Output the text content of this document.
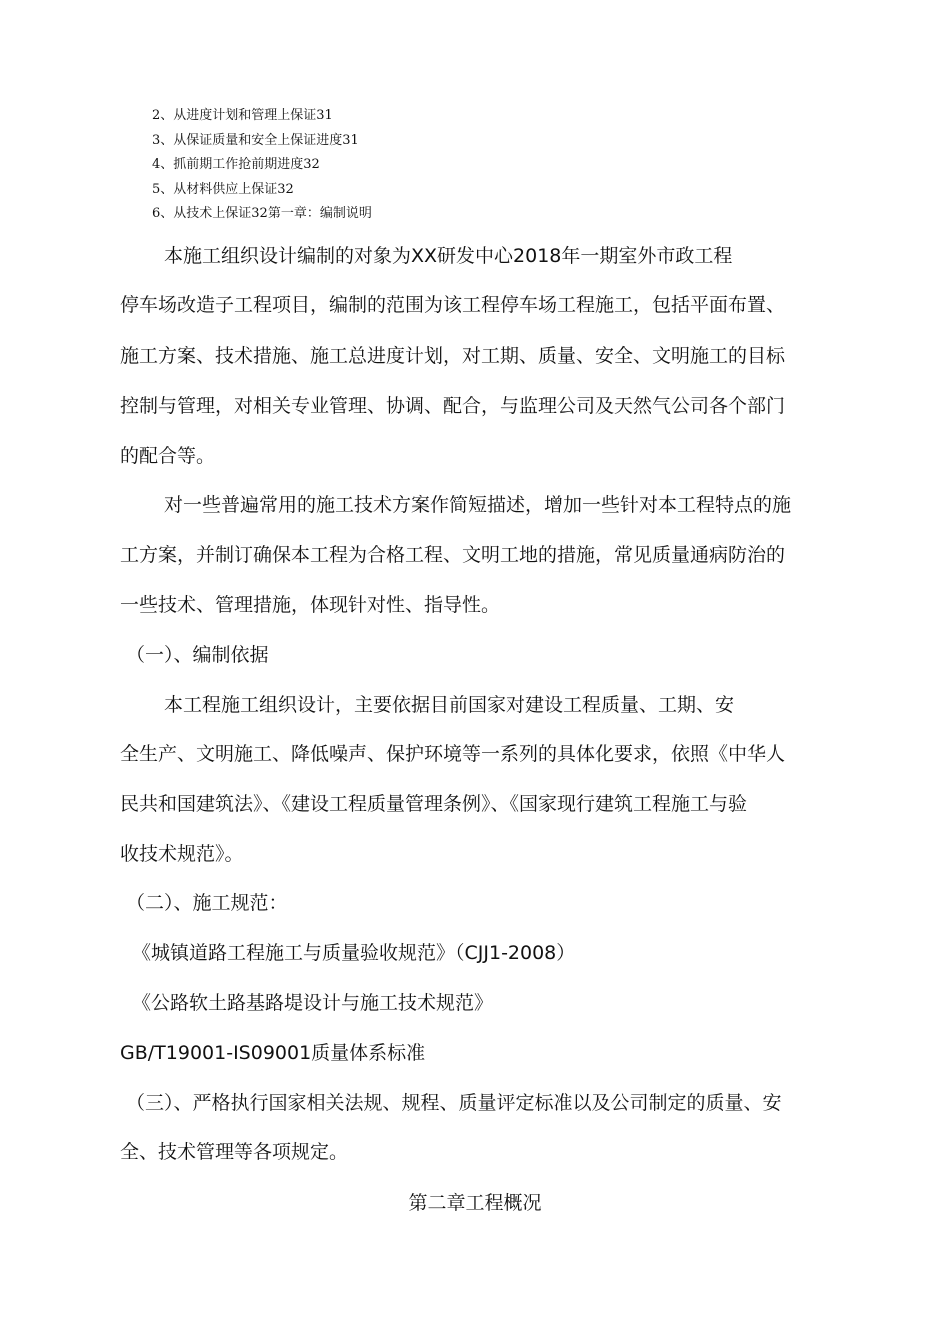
2、从进度计划和管理上保证31
3、从保证质量和安全上保证进度31
4、抓前期工作抢前期进度32
5、从材料供应上保证32
6、从技术上保证32第一章：编制说明
本施工组织设计编制的对象为XX研发中心2018年一期室外市政工程
停车场改造子工程项目，编制的范围为该工程停车场工程施工，包括平面布置、
施工方案、技术措施、施工总进度计划，对工期、质量、安全、文明施工的目标
控制与管理，对相关专业管理、协调、配合，与监理公司及天然气公司各个部门
的配合等。
对一些普遍常用的施工技术方案作简短描述，增加一些针对本工程特点的施
工方案，并制订确保本工程为合格工程、文明工地的措施，常见质量通病防治的
一些技术、管理措施，体现针对性、指导性。
（一）、编制依据
本工程施工组织设计，主要依据目前国家对建设工程质量、工期、安
全生产、文明施工、降低噪声、保护环境等一系列的具体化要求，依照《中华人
民共和国建筑法》、《建设工程质量管理条例》、《国家现行建筑工程施工与验
收技术规范》。
（二）、施工规范：
《城镇道路工程施工与质量验收规范》（CJJ1-2008）
《公路软土路基路堤设计与施工技术规范》
GB/T19001-IS09001质量体系标准
（三）、严格执行国家相关法规、规程、质量评定标准以及公司制定的质量、安
全、技术管理等各项规定。
第二章工程概况
